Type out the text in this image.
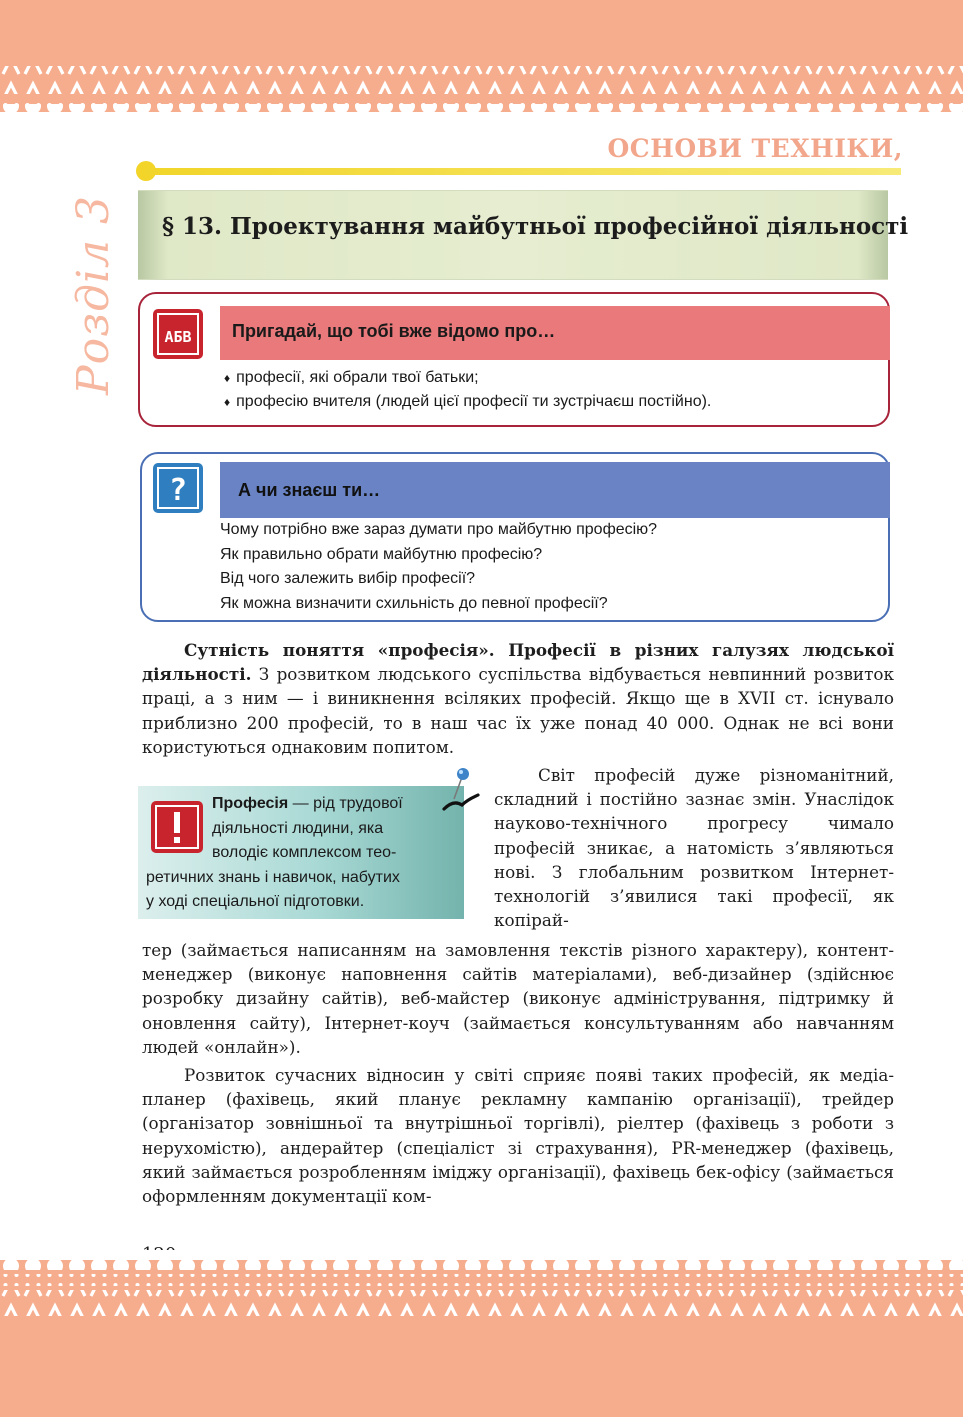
ОСНОВИ ТЕХНІКИ,
Розділ 3 § 13. Проектування майбутньої професійної діяльності
АБВ Пригадай, що тобі вже відомо про…
♦ професії, які обрали твої батьки;
♦ професію вчителя (людей цієї професії ти зустрічаєш постійно).
?	А чи знаєш ти…
Чому потрібно вже зараз думати про майбутню професію?
Як правильно обрати майбутню професію?
Від чого залежить вибір професії?
Як можна визначити схильність до певної професії?

Сутність поняття «професія». Професії в різних галузях людської діяльності. З розвитком людського суспільства відбувається невпинний розвиток праці, а з ним — і виникнення всіляких професій. Якщо ще в XVII ст. існувало приблизно 200 професій, то в наш час їх уже понад 40 000. Однак не всі вони користуються однаковим попитом.

Професія — рід трудової
діяльності людини, яка
володіє комплексом тео-
ретичних знань і навичок, набутих
у ході спеціальної підготовки.

Світ професій дуже різноманітний, складний і постійно зазнає змін. Унаслідок науково-технічного прогресу чимало професій зникає, а натомість з’являються нові. З глобальним розвитком Інтернет-технологій з’явилися такі професії, як копірай-

тер (займається написанням на замовлення текстів різного характеру), контент-менеджер (виконує наповнення сайтів матеріалами), веб-дизайнер (здійснює розробку дизайну сайтів), веб-майстер (виконує адміністрування, підтримку й оновлення сайту), Інтернет-коуч (займається консультуванням або навчанням людей «онлайн»).

Розвиток сучасних відносин у світі сприяє появі таких професій, як медіа-планер (фахівець, який планує рекламну кампанію організації), трейдер (організатор зовнішньої та внутрішньої торгівлі), ріелтер (фахівець з роботи з нерухомістю), андерайтер (спеціаліст зі страхування), PR-менеджер (фахівець, який займається розробленням іміджу організації), фахівець бек-офісу (займається оформленням документації ком-
